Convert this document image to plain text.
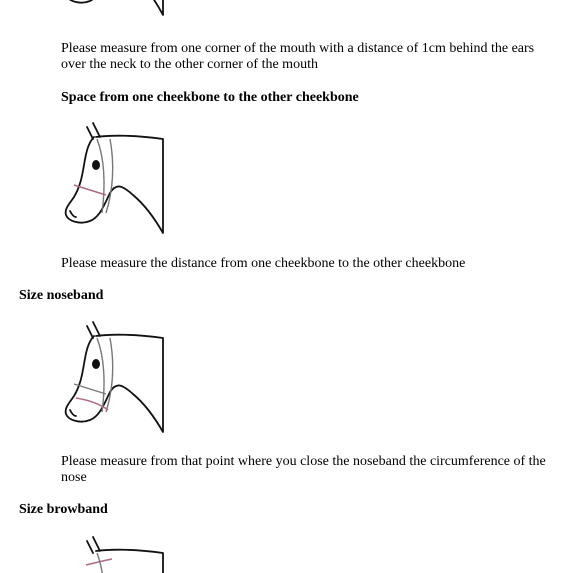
Please measure from one corner of the mouth with a distance of 1cm behind the ears over the neck to the other corner of the mouth

Space from one cheekbone to the other cheekbone

Please measure the distance from one cheekbone to the other cheekbone

Size noseband

Please measure from that point where you close the noseband the circumference of the nose

Size browband
